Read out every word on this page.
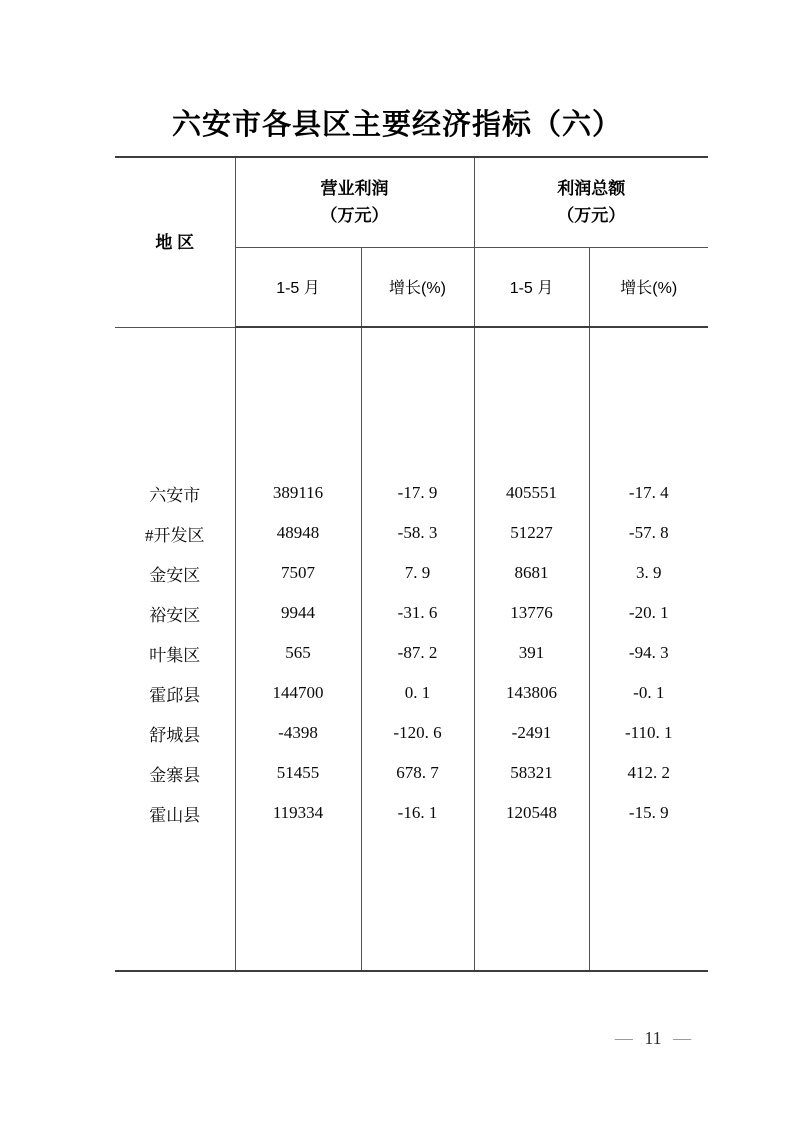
六安市各县区主要经济指标（六）
地 区	
营业利润
（万元）

利润总额
（万元）

	1-5 月	增长(%)	1-5 月	增长(%)

六安市	389116	-17. 9	405551	-17. 4
#开发区	48948	-58. 3	51227	-57. 8
金安区	7507	7. 9	8681	3. 9
裕安区	9944	-31. 6	13776	-20. 1
叶集区	565	-87. 2	391	-94. 3
霍邱县	144700	0. 1	143806	-0. 1
舒城县	-4398	-120. 6	-2491	-110. 1
金寨县	51455	678. 7	58321	412. 2
霍山县	119334	-16. 1	120548	-15. 9

— 11 —
